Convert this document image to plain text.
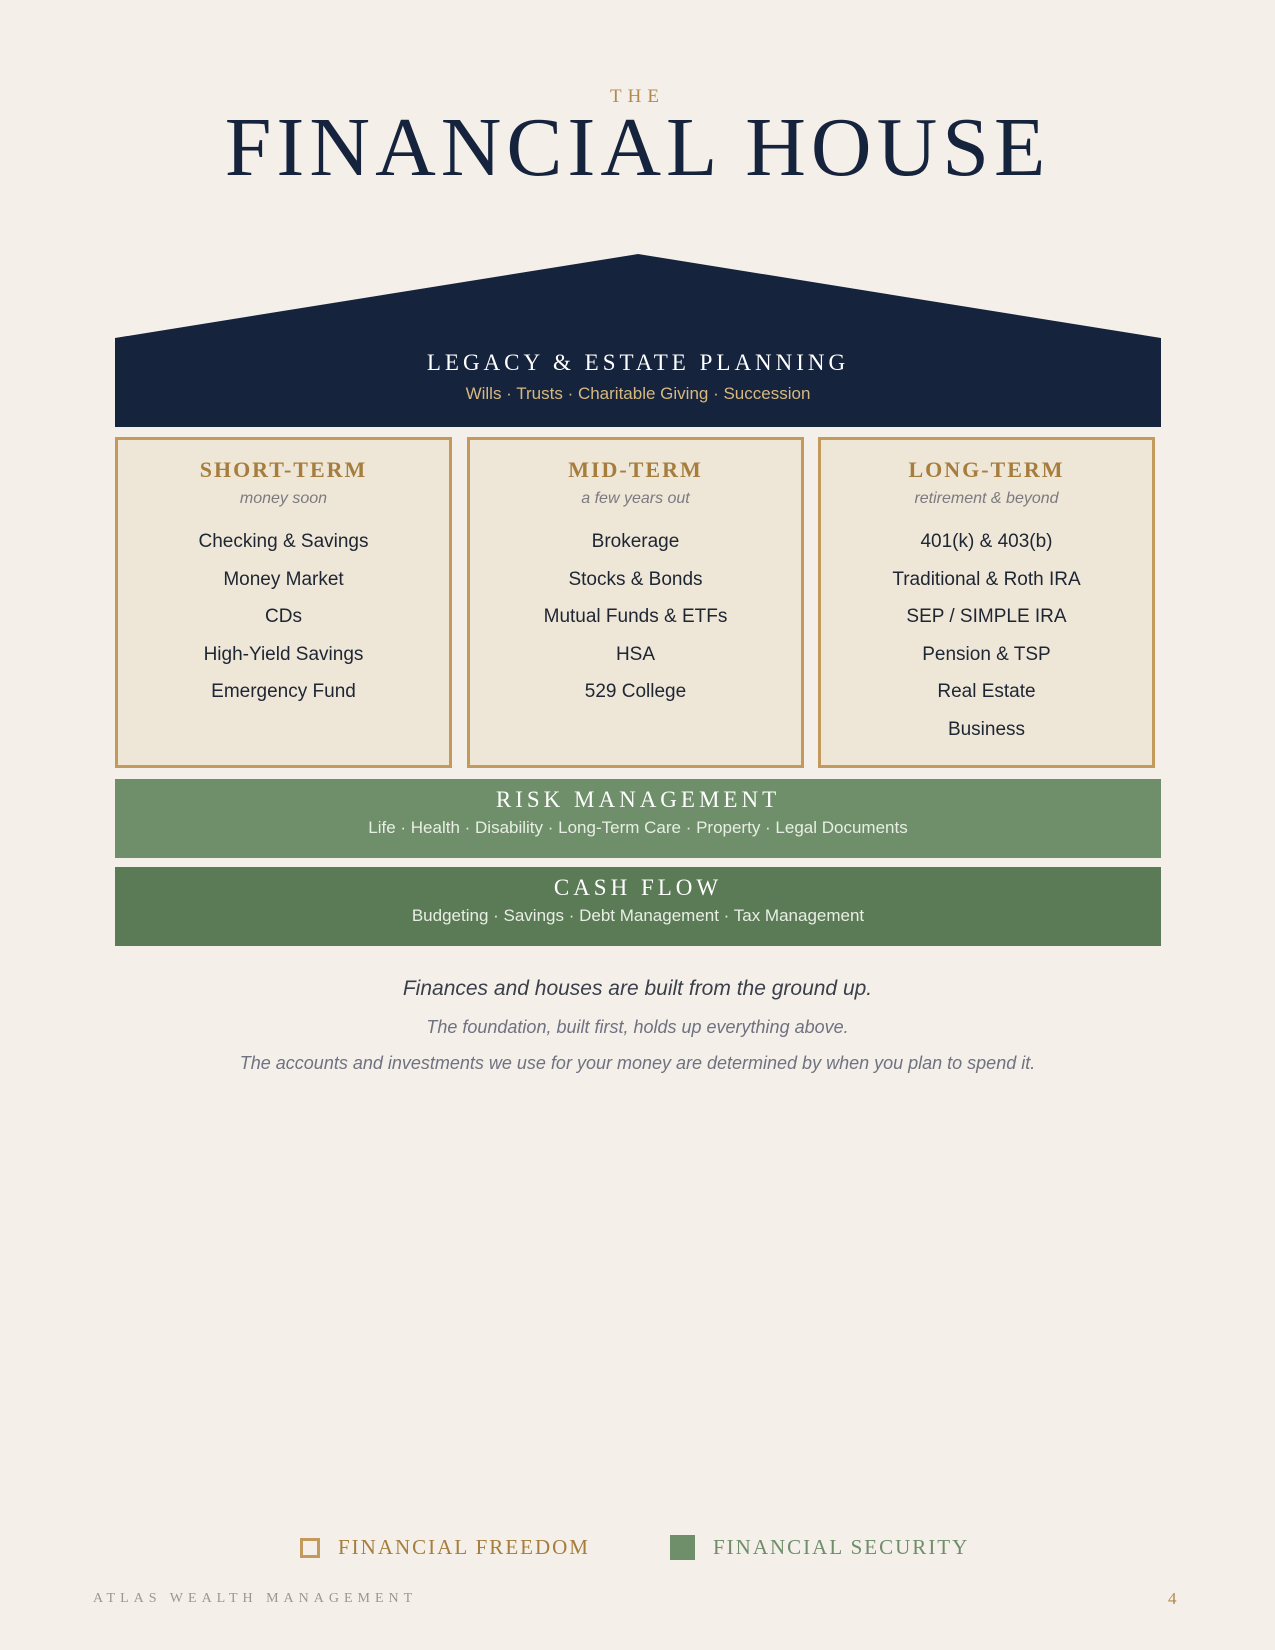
THE
FINANCIAL HOUSE
LEGACY & ESTATE PLANNING
Wills · Trusts · Charitable Giving · Succession
SHORT-TERM
money soon
Checking & Savings
Money Market
CDs
High-Yield Savings
Emergency Fund
MID-TERM
a few years out
Brokerage
Stocks & Bonds
Mutual Funds & ETFs
HSA
529 College
LONG-TERM
retirement & beyond
401(k) & 403(b)
Traditional & Roth IRA
SEP / SIMPLE IRA
Pension & TSP
Real Estate
Business
RISK MANAGEMENT
Life · Health · Disability · Long-Term Care · Property · Legal Documents
CASH FLOW
Budgeting · Savings · Debt Management · Tax Management
Finances and houses are built from the ground up.
The foundation, built first, holds up everything above.
The accounts and investments we use for your money are determined by when you plan to spend it.
FINANCIAL FREEDOM	FINANCIAL SECURITY
ATLAS WEALTH MANAGEMENT	4
